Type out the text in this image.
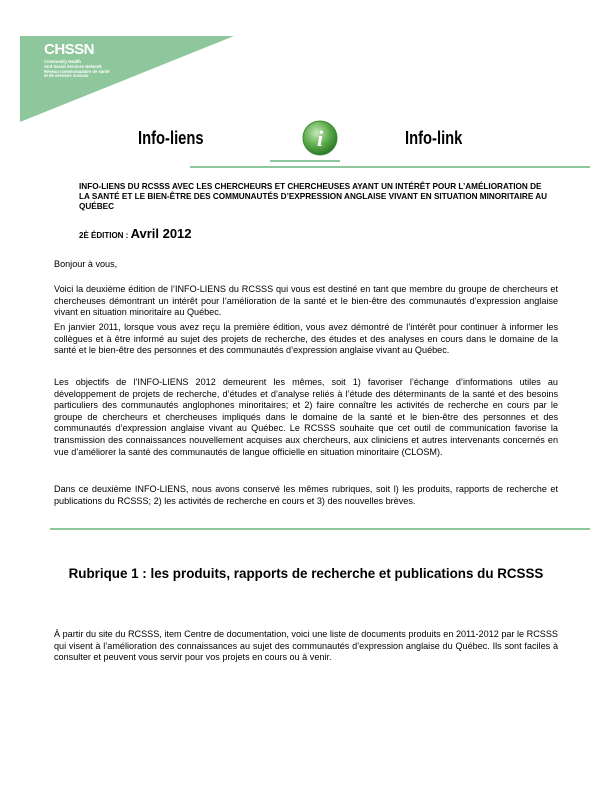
CHSSN
Community Health
And Social Services Network
Réseau communautaire de santé
et de services sociaux
Info-liens	Info-link
i
INFO-LIENS DU RCSSS AVEC LES CHERCHEURS ET CHERCHEUSES AYANT UN INTÉRÊT POUR L’AMÉLIORATION DE LA SANTÉ ET LE BIEN-ÊTRE DES COMMUNAUTÉS D’EXPRESSION ANGLAISE VIVANT EN SITUATION MINORITAIRE AU QUÉBEC
2È ÉDITION : Avril 2012
Bonjour à vous,
Voici la deuxième édition de l’INFO-LIENS du RCSSS qui vous est destiné en tant que membre du groupe de chercheurs et chercheuses démontrant un intérêt pour l’amélioration de la santé et le bien-être des communautés d’expression anglaise vivant en situation minoritaire au Québec.
En janvier 2011, lorsque vous avez reçu la première édition, vous avez démontré de l’intérêt pour continuer à informer les collègues et à être informé au sujet des projets de recherche, des études et des analyses en cours dans le domaine de la santé et le bien-être des personnes et des communautés d’expression anglaise vivant au Québec.
Les objectifs de l’INFO-LIENS 2012 demeurent les mêmes, soit 1) favoriser l’échange d’informations utiles au développement de projets de recherche, d’études et d’analyse reliés à l’étude des déterminants de la santé et des besoins particuliers des communautés anglophones minoritaires; et 2) faire connaître les activités de recherche en cours par le groupe de chercheurs et chercheuses impliqués dans le domaine de la santé et le bien-être des personnes et des communautés d’expression anglaise vivant au Québec. Le RCSSS souhaite que cet outil de communication favorise la transmission des connaissances nouvellement acquises aux chercheurs, aux cliniciens et autres intervenants concernés en vue d’améliorer la santé des communautés de langue officielle en situation minoritaire (CLOSM).
Dans ce deuxième INFO-LIENS, nous avons conservé les mêmes rubriques, soit l) les produits, rapports de recherche et publications du RCSSS; 2) les activités de recherche en cours et 3) des nouvelles brèves.
Rubrique 1 : les produits, rapports de recherche et publications du RCSSS
À partir du site du RCSSS, item Centre de documentation, voici une liste de documents produits en 2011-2012 par le RCSSS qui visent à l’amélioration des connaissances au sujet des communautés d’expression anglaise du Québec. Ils sont faciles à consulter et peuvent vous servir pour vos projets en cours ou à venir.
